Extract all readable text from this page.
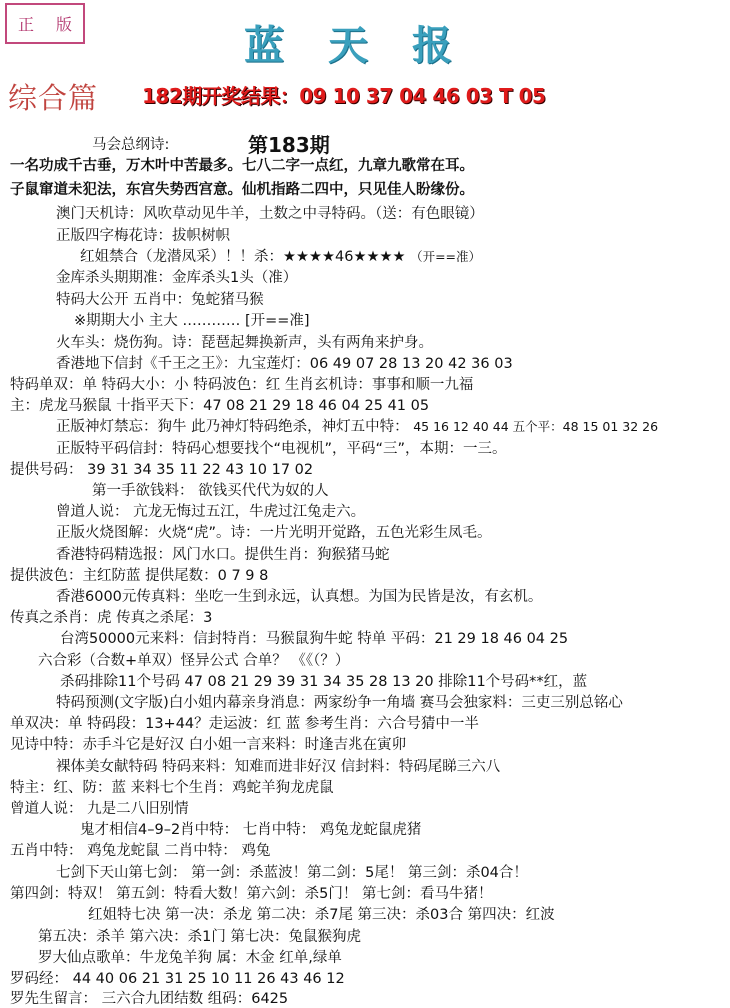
正 版	蓝天报
综合篇 182期开奖结果：09 10 37 04 46 03 T 05
第183期
马会总纲诗:
一名功成千古垂，万木叶中苦最多。七八二字一点红，九章九歌常在耳。
子鼠窜道未犯法，东宫失势西宫意。仙机指路二四中，只见佳人盼缘份。
澳门天机诗：风吹草动见牛羊，土数之中寻特码。（送：有色眼镜）
正版四字梅花诗：拔帜树帜
红姐禁合（龙潜凤采）！！杀：★★★★46★★★★ （开==准）
金库杀头期期准：金库杀头1头（准）
特码大公开 五肖中：兔蛇猪马猴
※期期大小 主大 ………… [开==准]
火车头：烧伤狗。诗：琵琶起舞换新声，头有两角来护身。
香港地下信封《千王之王》：九宝莲灯：06 49 07 28 13 20 42 36 03
特码单双：单 特码大小：小 特码波色：红 生肖玄机诗：事事和顺一九福
主：虎龙马猴鼠 十指平天下：47 08 21 29 18 46 04 25 41 05
正版神灯禁忘：狗牛 此乃神灯特码绝杀，神灯五中特： 45 16 12 40 44 五个平：48 15 01 32 26
正版特平码信封：特码心想要找个“电视机”，平码“三”，本期：一三。
提供号码： 39 31 34 35 11 22 43 10 17 02
第一手欲钱料： 欲钱买代代为奴的人
曾道人说： 亢龙无悔过五江，牛虎过江兔走六。
正版火烧图解：火烧“虎”。诗：一片光明开觉路，五色光彩生凤毛。
香港特码精选报：风门水口。提供生肖：狗猴猪马蛇
提供波色：主红防蓝 提供尾数：0 7 9 8
香港6000元传真料：坐吃一生到永远，认真想。为国为民皆是汝，有玄机。
传真之杀肖：虎 传真之杀尾：3
台湾50000元来料：信封特肖：马猴鼠狗牛蛇 特单 平码：21 29 18 46 04 25
六合彩（合数+单双）怪异公式 合单？ 《《（？）
杀码排除11个号码 47 08 21 29 39 31 34 35 28 13 20 排除11个号码**红，蓝
特码预测(文字版)白小姐内幕亲身消息：两家纷争一角墙 赛马会独家料：三吏三别总铭心
单双决：单 特码段：13+44？走运波：红 蓝 参考生肖：六合号猜中一半
见诗中特：赤手斗它是好汉 白小姐一言来料：时逢吉兆在寅卯
裸体美女献特码 特码来料：知难而进非好汉 信封料：特码尾睇三六八
特主：红、防：蓝 来料七个生肖：鸡蛇羊狗龙虎鼠
曾道人说： 九是二八旧别情
鬼才相信4–9–2肖中特： 七肖中特： 鸡兔龙蛇鼠虎猪
五肖中特： 鸡兔龙蛇鼠 二肖中特： 鸡兔
七剑下天山第七剑： 第一剑：杀蓝波！第二剑：5尾！ 第三剑：杀04合！
第四剑：特双！ 第五剑：特看大数！第六剑：杀5门！ 第七剑：看马牛猪！
红姐特七决 第一决：杀龙 第二决：杀7尾 第三决：杀03合 第四决：红波
第五决：杀羊 第六决：杀1门 第七决：兔鼠猴狗虎
罗大仙点歌单：牛龙兔羊狗 属：木金 红单,绿单
罗码经： 44 40 06 21 31 25 10 11 26 43 46 12
罗先生留言： 三六合九团结数 组码：6425
